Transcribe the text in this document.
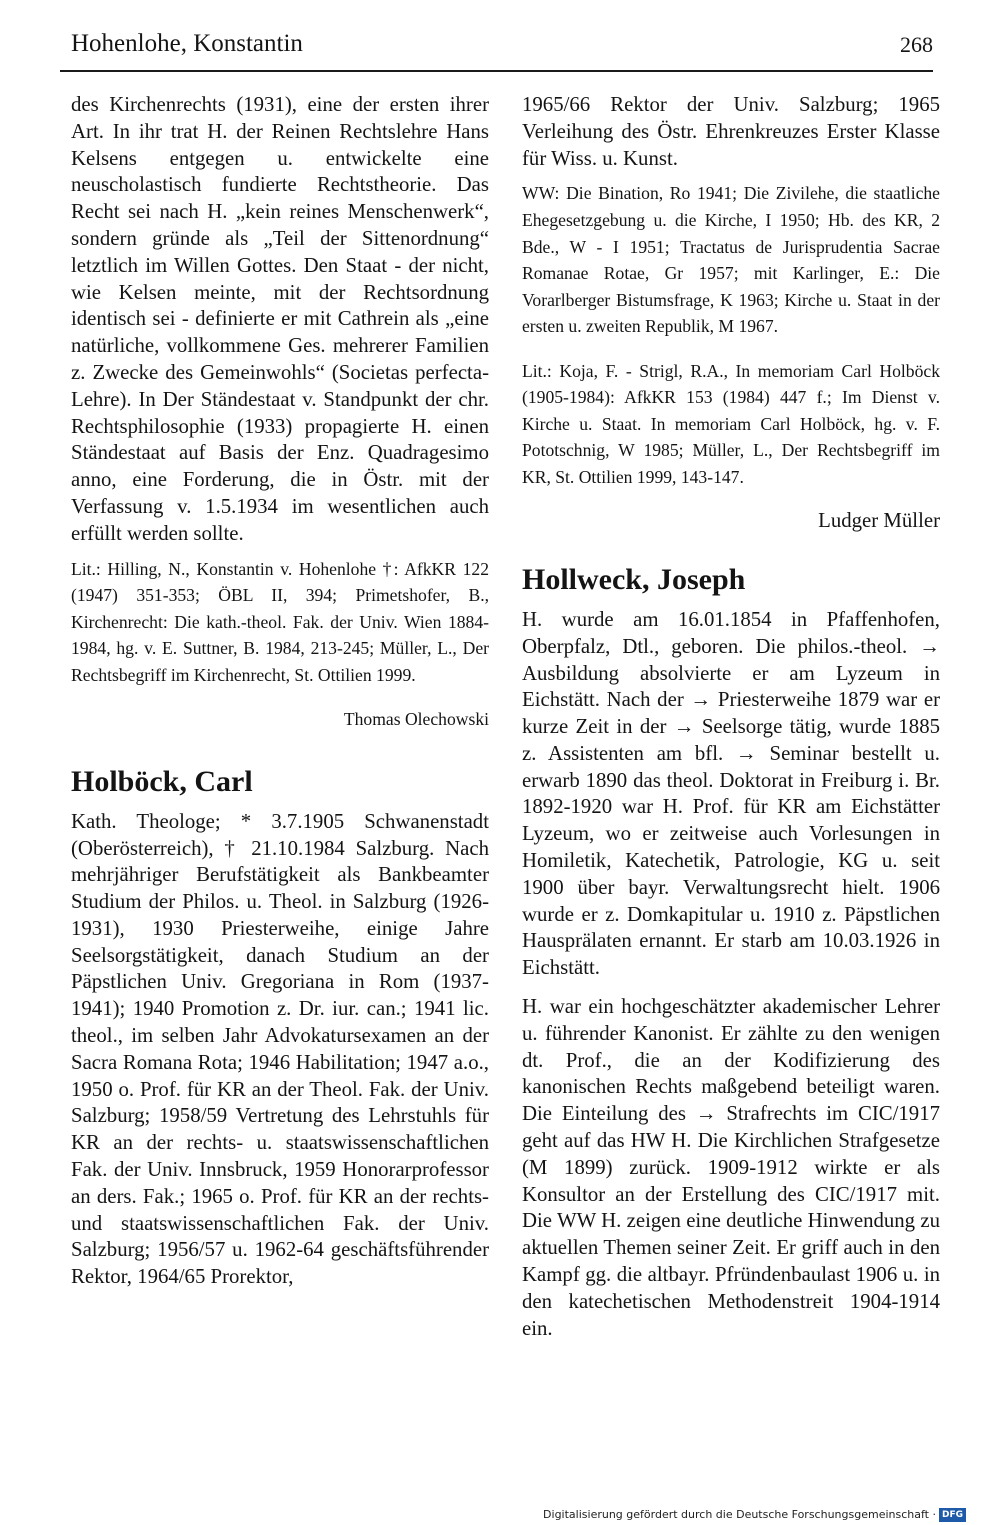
Hohenlohe, Konstantin	268

des Kirchenrechts (1931), eine der ersten ihrer Art. In ihr trat H. der Reinen Rechtslehre Hans Kelsens entgegen u. entwickelte eine neuscholastisch fundierte Rechtstheorie. Das Recht sei nach H. „kein reines Menschenwerk“, sondern gründe als „Teil der Sittenordnung“ letztlich im Willen Gottes. Den Staat - der nicht, wie Kelsen meinte, mit der Rechtsordnung identisch sei - definierte er mit Cathrein als „eine natürliche, vollkommene Ges. mehrerer Familien z. Zwecke des Gemeinwohls“ (Societas perfecta-Lehre). In Der Ständestaat v. Standpunkt der chr. Rechtsphilosophie (1933) propagierte H. einen Ständestaat auf Basis der Enz. Quadragesimo anno, eine Forderung, die in Östr. mit der Verfassung v. 1.5.1934 im wesentlichen auch erfüllt werden sollte.

Lit.: Hilling, N., Konstantin v. Hohenlohe †: AfkKR 122 (1947) 351-353; ÖBL II, 394; Primetshofer, B., Kirchenrecht: Die kath.-theol. Fak. der Univ. Wien 1884-1984, hg. v. E. Suttner, B. 1984, 213-245; Müller, L., Der Rechtsbegriff im Kirchenrecht, St. Ottilien 1999.

Thomas Olechowski
Holböck, Carl

Kath. Theologe; * 3.7.1905 Schwanenstadt (Oberösterreich), † 21.10.1984 Salzburg. Nach mehrjähriger Berufstätigkeit als Bankbeamter Studium der Philos. u. Theol. in Salzburg (1926-1931), 1930 Priesterweihe, einige Jahre Seelsorgstätigkeit, danach Studium an der Päpstlichen Univ. Gregoriana in Rom (1937-1941); 1940 Promotion z. Dr. iur. can.; 1941 lic. theol., im selben Jahr Advokatursexamen an der Sacra Romana Rota; 1946 Habilitation; 1947 a.o., 1950 o. Prof. für KR an der Theol. Fak. der Univ. Salzburg; 1958/59 Vertretung des Lehrstuhls für KR an der rechts- u. staatswissenschaftlichen Fak. der Univ. Innsbruck, 1959 Honorarprofessor an ders. Fak.; 1965 o. Prof. für KR an der rechts- und staatswissenschaftlichen Fak. der Univ. Salzburg; 1956/57 u. 1962-64 geschäftsführender Rektor, 1964/65 Prorektor,

1965/66 Rektor der Univ. Salzburg; 1965 Verleihung des Östr. Ehrenkreuzes Erster Klasse für Wiss. u. Kunst.

WW: Die Bination, Ro 1941; Die Zivilehe, die staatliche Ehegesetzgebung u. die Kirche, I 1950; Hb. des KR, 2 Bde., W - I 1951; Tractatus de Jurisprudentia Sacrae Romanae Rotae, Gr 1957; mit Karlinger, E.: Die Vorarlberger Bistumsfrage, K 1963; Kirche u. Staat in der ersten u. zweiten Republik, M 1967.

Lit.: Koja, F. - Strigl, R.A., In memoriam Carl Holböck (1905-1984): AfkKR 153 (1984) 447 f.; Im Dienst v. Kirche u. Staat. In memoriam Carl Holböck, hg. v. F. Pototschnig, W 1985; Müller, L., Der Rechtsbegriff im KR, St. Ottilien 1999, 143-147.

Ludger Müller
Hollweck, Joseph

H. wurde am 16.01.1854 in Pfaffenhofen, Oberpfalz, Dtl., geboren. Die philos.-theol. → Ausbildung absolvierte er am Lyzeum in Eichstätt. Nach der → Priesterweihe 1879 war er kurze Zeit in der → Seelsorge tätig, wurde 1885 z. Assistenten am bfl. → Seminar bestellt u. erwarb 1890 das theol. Doktorat in Freiburg i. Br. 1892-1920 war H. Prof. für KR am Eichstätter Lyzeum, wo er zeitweise auch Vorlesungen in Homiletik, Katechetik, Patrologie, KG u. seit 1900 über bayr. Verwaltungsrecht hielt. 1906 wurde er z. Domkapitular u. 1910 z. Päpstlichen Hausprälaten ernannt. Er starb am 10.03.1926 in Eichstätt.

H. war ein hochgeschätzter akademischer Lehrer u. führender Kanonist. Er zählte zu den wenigen dt. Prof., die an der Kodifizierung des kanonischen Rechts maßgebend beteiligt waren. Die Einteilung des → Strafrechts im CIC/1917 geht auf das HW H. Die Kirchlichen Strafgesetze (M 1899) zurück. 1909-1912 wirkte er als Konsultor an der Erstellung des CIC/1917 mit. Die WW H. zeigen eine deutliche Hinwendung zu aktuellen Themen seiner Zeit. Er griff auch in den Kampf gg. die altbayr. Pfründenbaulast 1906 u. in den katechetischen Methodenstreit 1904-1914 ein.

Digitalisierung gefördert durch die Deutsche Forschungsgemeinschaft · DFG
